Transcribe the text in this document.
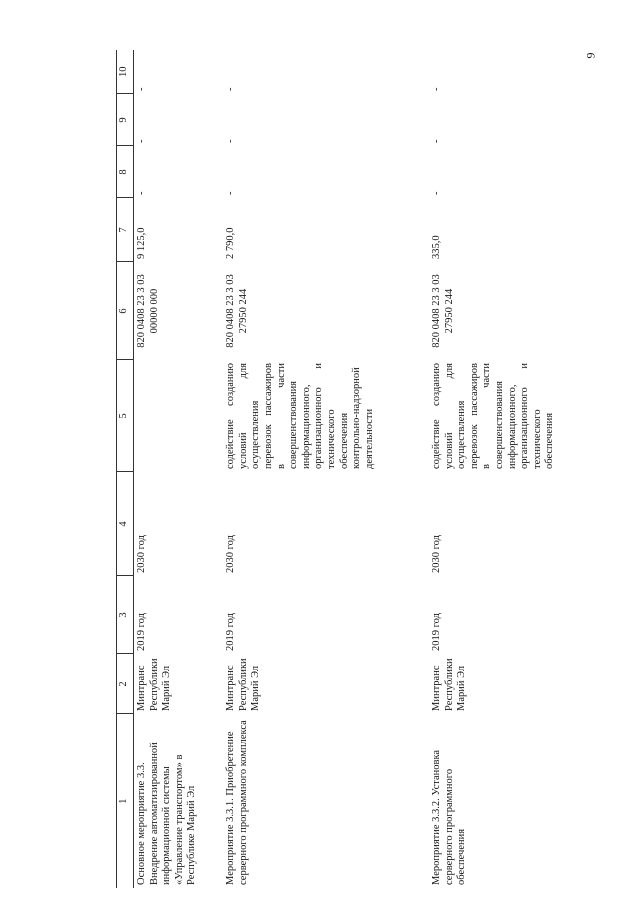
9
1	2	3	4	5	6	7	8	9	10
Основное мероприятие 3.3. Внедрение автоматизированной информационной системы «Управление транспортом» в Республике Марий Эл	Минтранс Республики Марий Эл	2019 год	2030 год		820 0408 23 3 03 00000 000	9 125,0	-	-	-
Мероприятие 3.3.1. Приобретение серверного программного комплекса	Минтранс Республики Марий Эл	2019 год	2030 год	содействие созданию условий для осуществления перевозок пассажиров в части совершенствования информационного, организационного и технического обеспечения контрольно-надзорной деятельности	820 0408 23 3 03 27950 244	2 790,0	-	-	-
Мероприятие 3.3.2. Установка серверного программного обеспечения	Минтранс Республики Марий Эл	2019 год	2030 год	содействие созданию условий для осуществления перевозок пассажиров в части совершенствования информационного, организационного и технического обеспечения	820 0408 23 3 03 27950 244	335,0	-	-	-
